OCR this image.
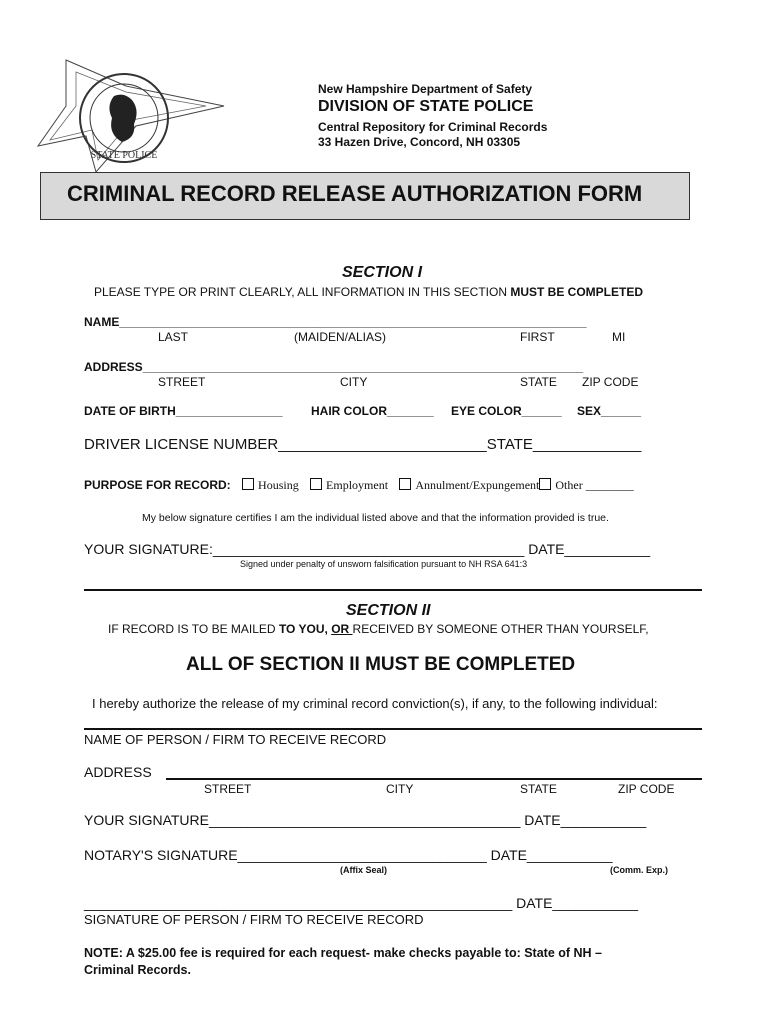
STATE POLICE
New Hampshire Department of Safety
DIVISION OF STATE POLICE
Central Repository for Criminal Records
33 Hazen Drive, Concord, NH 03305
CRIMINAL RECORD RELEASE AUTHORIZATION FORM
SECTION I
PLEASE TYPE OR PRINT CLEARLY, ALL INFORMATION IN THIS SECTION MUST BE COMPLETED
NAME______________________________________________________________________
LAST	(MAIDEN/ALIAS)	FIRST	MI
ADDRESS__________________________________________________________________
STREET	CITY	STATE ZIP CODE
DATE OF BIRTH________________ HAIR COLOR_______ EYE COLOR______ SEX______
DRIVER LICENSE NUMBER_________________________STATE_____________
PURPOSE FOR RECORD: Housing Employment Annulment/Expungement Other ________
My below signature certifies I am the individual listed above and that the information provided is true.
YOUR SIGNATURE:________________________________________ DATE___________
Signed under penalty of unsworn falsification pursuant to NH RSA 641:3
SECTION II
IF RECORD IS TO BE MAILED TO YOU, OR RECEIVED BY SOMEONE OTHER THAN YOURSELF,
ALL OF SECTION II MUST BE COMPLETED
I hereby authorize the release of my criminal record conviction(s), if any, to the following individual:
NAME OF PERSON / FIRM TO RECEIVE RECORD
ADDRESS
STREET	CITY	STATE	ZIP CODE
YOUR SIGNATURE________________________________________ DATE___________
NOTARY'S SIGNATURE________________________________ DATE___________
(Affix Seal)	(Comm. Exp.)
_______________________________________________________ DATE___________
SIGNATURE OF PERSON / FIRM TO RECEIVE RECORD
NOTE: A $25.00 fee is required for each request- make checks payable to: State of NH –
Criminal Records.
